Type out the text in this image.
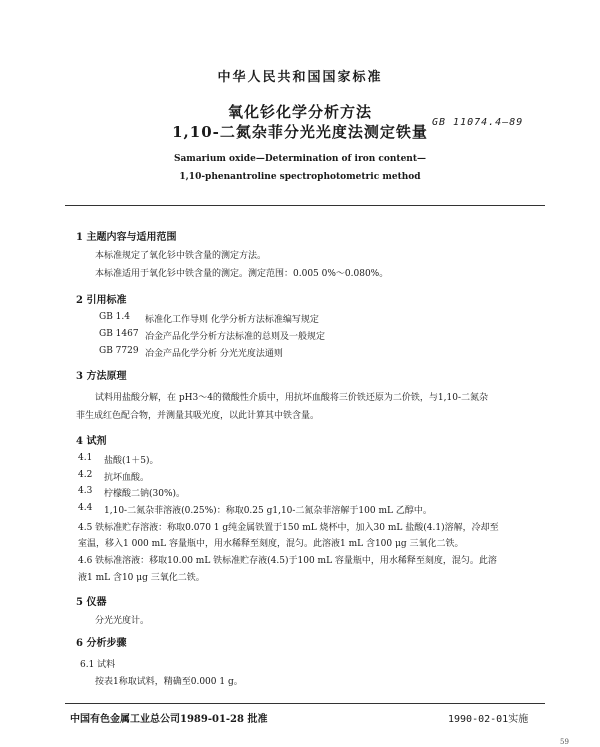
中华人民共和国国家标准
氧化钐化学分析方法
1,10-二氮杂菲分光光度法测定铁量
GB 11074.4—89
Samarium oxide—Determination of iron content—
1,10-phenantroline spectrophotometric method
1 主题内容与适用范围
本标准规定了氧化钐中铁含量的测定方法。
本标准适用于氧化钐中铁含量的测定。测定范围：0.005 0%～0.080%。
2 引用标准
GB 1.4 标准化工作导则 化学分析方法标准编写规定
GB 1467 冶金产品化学分析方法标准的总则及一般规定
GB 7729 冶金产品化学分析 分光光度法通则
3 方法原理
试料用盐酸分解，在 pH3～4的微酸性介质中，用抗坏血酸将三价铁还原为二价铁，与1,10-二氮杂
菲生成红色配合物，并测量其吸光度，以此计算其中铁含量。
4 试剂
4.1 盐酸(1＋5)。
4.2 抗坏血酸。
4.3 柠檬酸二钠(30%)。
4.4 1,10-二氮杂菲溶液(0.25%)：称取0.25 g1,10-二氮杂菲溶解于100 mL 乙醇中。
4.5 铁标准贮存溶液：称取0.070 1 g纯金属铁置于150 mL 烧杯中，加入30 mL 盐酸(4.1)溶解，冷却至
室温，移入1 000 mL 容量瓶中，用水稀释至刻度，混匀。此溶液1 mL 含100 μg 三氧化二铁。
4.6 铁标准溶液：移取10.00 mL 铁标准贮存液(4.5)于100 mL 容量瓶中，用水稀释至刻度，混匀。此溶
液1 mL 含10 μg 三氧化二铁。
5 仪器
分光光度计。
6 分析步骤
6.1 试料
按表1称取试料，精确至0.000 1 g。
中国有色金属工业总公司1989-01-28 批准	1990-02-01实施
59
